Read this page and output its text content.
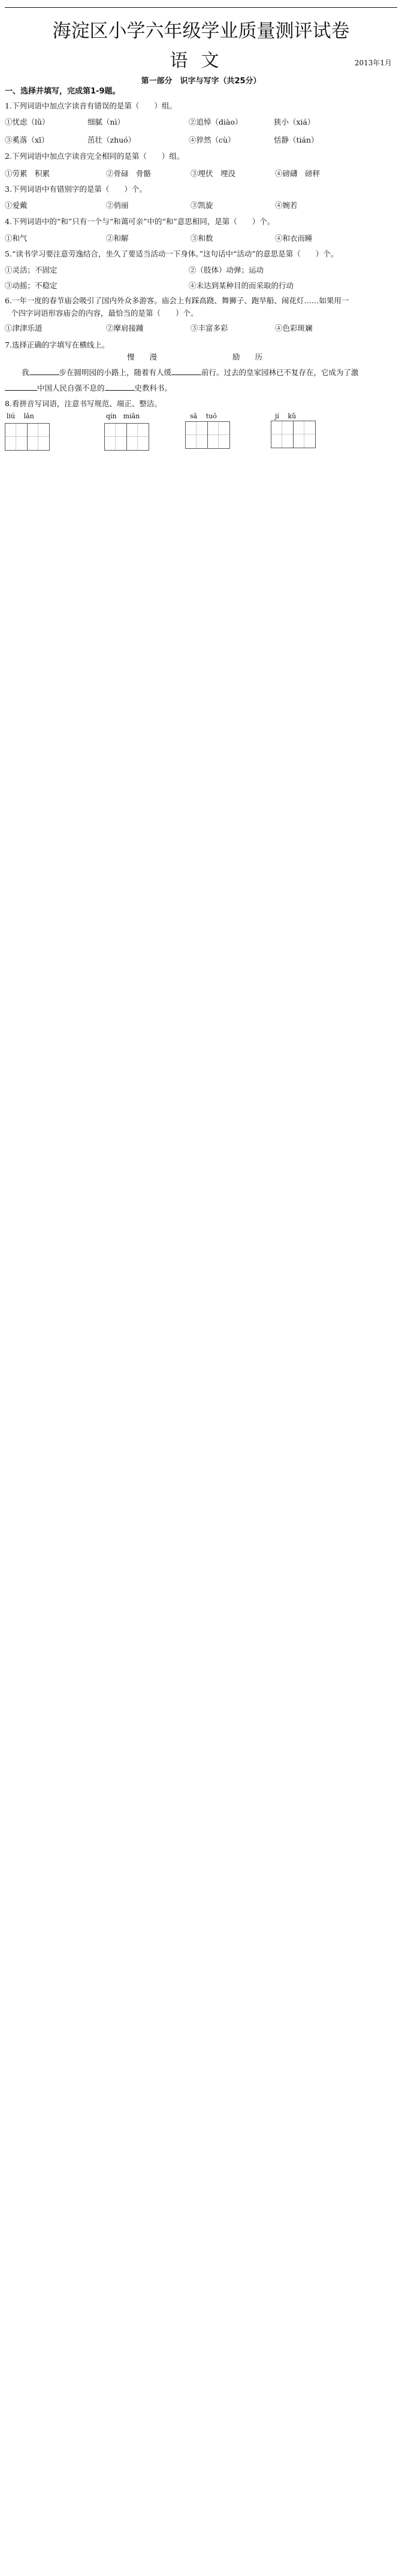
海淀区小学六年级学业质量测评试卷
语文	2013年1月
第一部分　识字与写字（共25分）
一、选择并填写，完成第1-9题。
1.下列词语中加点字读音有错误的是第（　　）组。
①忧虑（lǜ）	细腻（nì）	②追悼（diào）	狭小（xiá）
③奚落（xī）	茁壮（zhuó）	④猝然（cù）	恬静（tián）
2.下列词语中加点字读音完全相同的是第（　　）组。
①劳累　积累	②骨碌　骨骼	③埋伏　埋没	④磅礴　磅秤
3.下列词语中有错别字的是第（　　）个。
①爱戴	②俏丽	③凯旋	④婉若
4.下列词语中的“和”只有一个与“和蔼可亲”中的“和”意思相同，是第（　　）个。
①和气	②和解	③和数	④和衣而睡
5.“读书学习要注意劳逸结合，坐久了要适当活动一下身体。”这句话中“活动”的意思是第（　　）个。
①灵活；不固定	②（肢体）动弹；运动
③动摇；不稳定	④未达到某种目的而采取的行动
6.一年一度的春节庙会吸引了国内外众多游客。庙会上有踩高跷、舞狮子、跑旱船、闹花灯……如果用一
个四字词语形容庙会的内容，最恰当的是第（　　）个。
①津津乐道	②摩肩接踵	③丰富多彩	④色彩斑斓
7.选择正确的字填写在横线上。
慢　　漫	励　　历
我	步在圆明园的小路上，随着有人缓	前行。过去的皇家园林已不复存在，它成为了激
中国人民自强不息的	史教科书。
8.看拼音写词语，注意书写规范、端正、整洁。
liú　 lǎn	qín　miǎn	sǎ　 tuō	jí　 kǔ
